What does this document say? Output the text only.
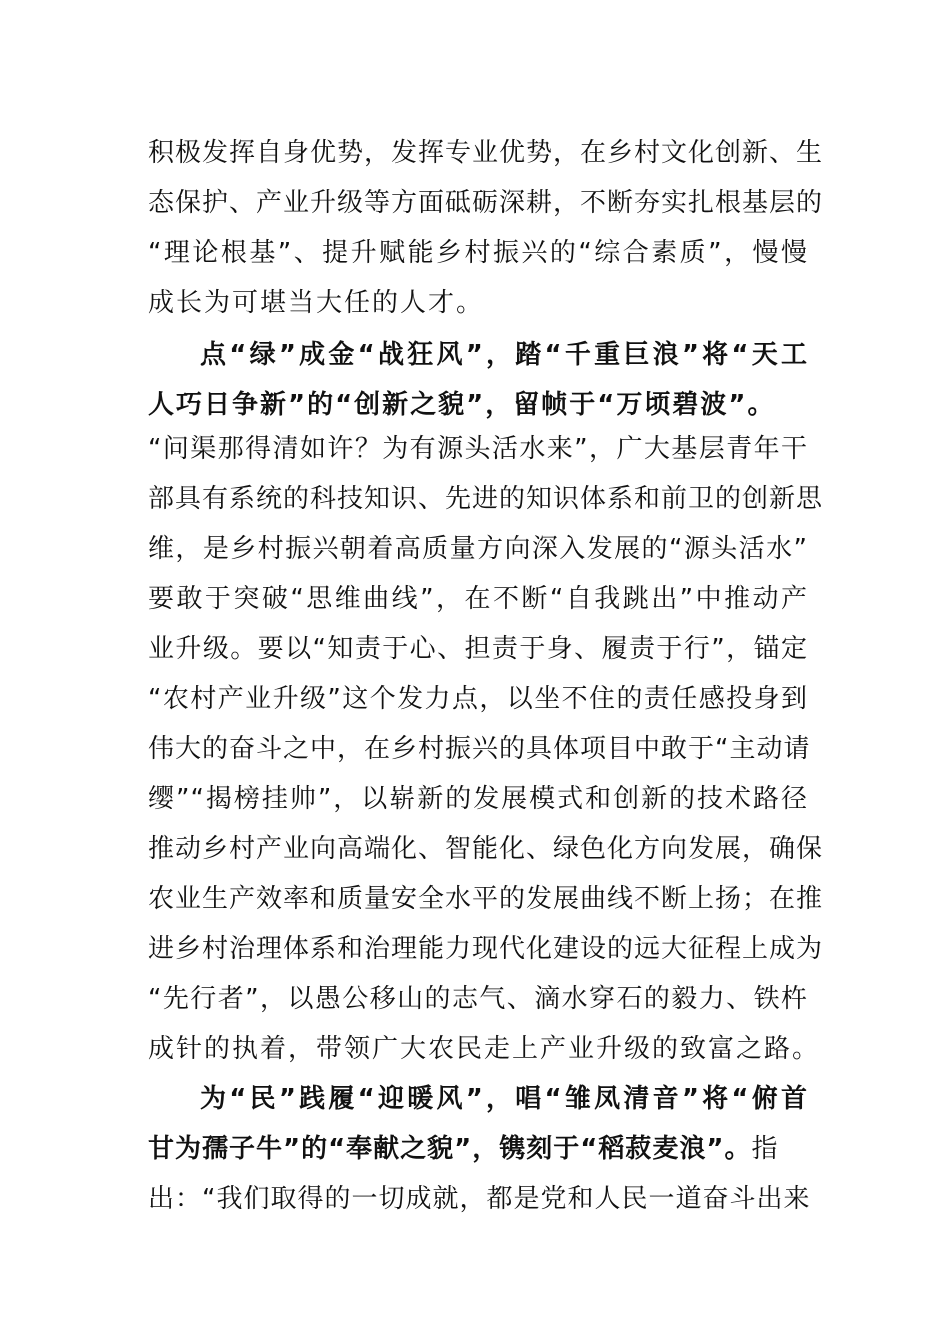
积极发挥自身优势，发挥专业优势，在乡村文化创新、生
态保护、产业升级等方面砥砺深耕，不断夯实扎根基层的
“理论根基”、提升赋能乡村振兴的“综合素质”，慢慢
成长为可堪当大任的人才。
点“绿”成金“战狂风”，踏“千重巨浪”将“天工
人巧日争新”的“创新之貌”，留帧于“万顷碧波”。
“问渠那得清如许？为有源头活水来”，广大基层青年干
部具有系统的科技知识、先进的知识体系和前卫的创新思
维，是乡村振兴朝着高质量方向深入发展的“源头活水”
要敢于突破“思维曲线”，在不断“自我跳出”中推动产
业升级。要以“知责于心、担责于身、履责于行”，锚定
“农村产业升级”这个发力点，以坐不住的责任感投身到
伟大的奋斗之中，在乡村振兴的具体项目中敢于“主动请
缨”“揭榜挂帅”，以崭新的发展模式和创新的技术路径
推动乡村产业向高端化、智能化、绿色化方向发展，确保
农业生产效率和质量安全水平的发展曲线不断上扬；在推
进乡村治理体系和治理能力现代化建设的远大征程上成为
“先行者”，以愚公移山的志气、滴水穿石的毅力、铁杵
成针的执着，带领广大农民走上产业升级的致富之路。
为“民”践履“迎暖风”，唱“雏凤清音”将“俯首
甘为孺子牛”的“奉献之貌”，镌刻于“稻菽麦浪”。指
出：“我们取得的一切成就，都是党和人民一道奋斗出来
